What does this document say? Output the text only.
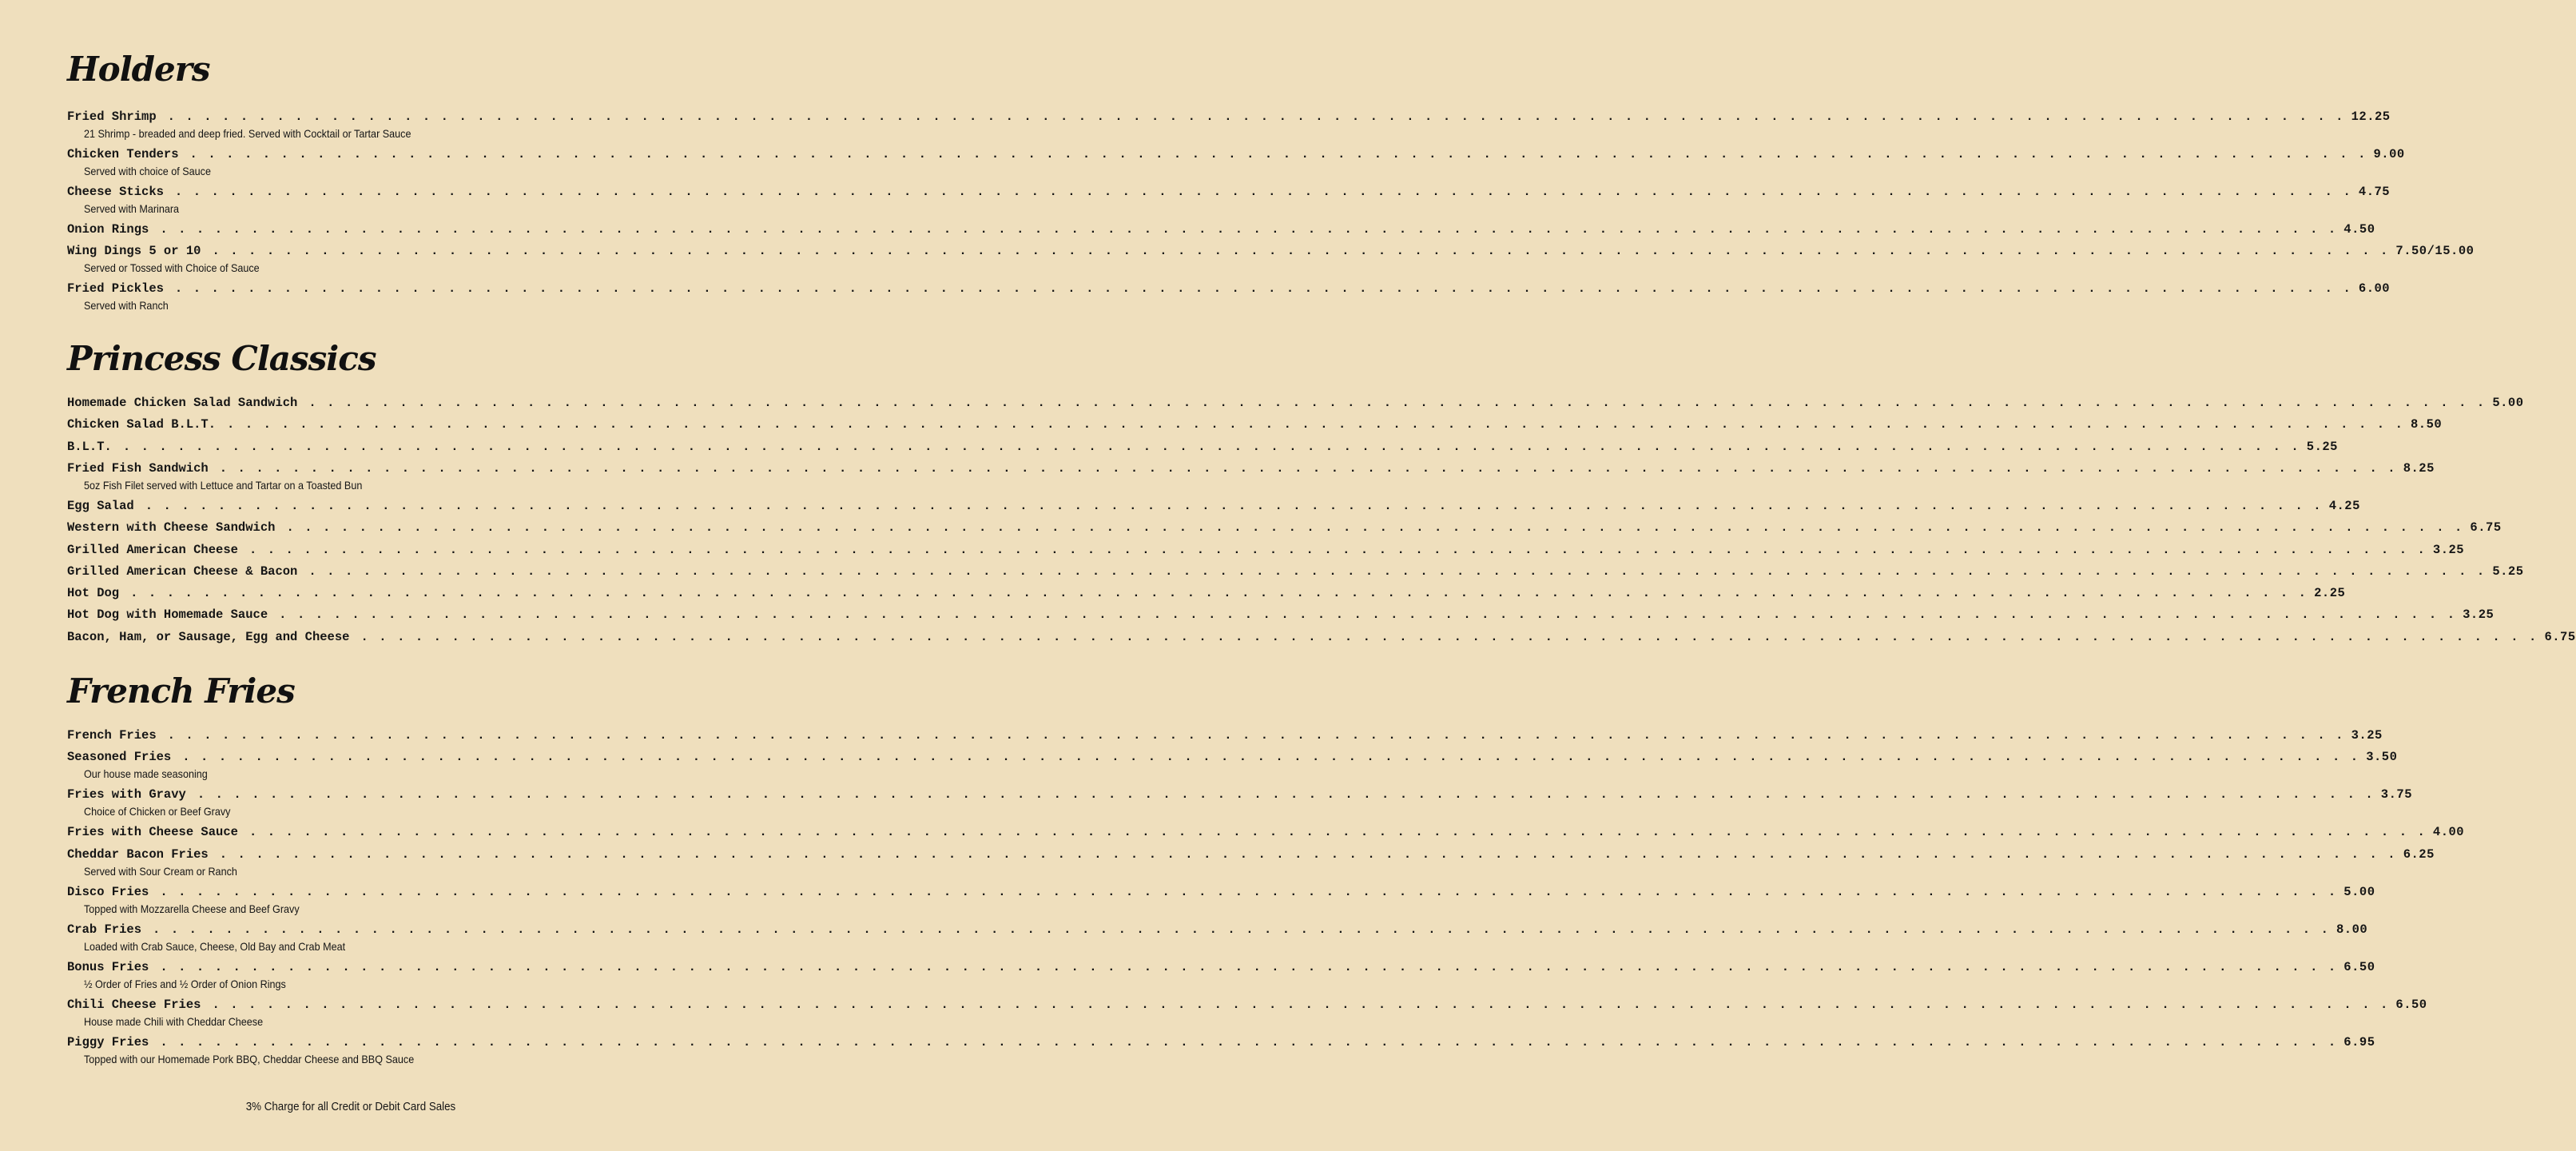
3% Charge for all Credit or Debit Card Sales
Holders
Fried Shrimp . . . . . . . . . . . . . . . . . . . . . . . . . . . . . . . . . . . . . . . . . . . . . . . . . . . . . . . . . . . . . . . . . . . . . . . . . . . . . . . . . . . . . . . . . . . . . . . . . . . . . . . . . . . . . . . . . . . . . . . . 12.25
21 Shrimp - breaded and deep fried. Served with Cocktail or Tartar Sauce
Chicken Tenders . . . . . . . . . . . . . . . . . . . . . . . . . . . . . . . . . . . . . . . . . . . . . . . . . . . . . . . . . . . . . . . . . . . . . . . . . . . . . . . . . . . . . . . . . . . . . . . . . . . . . . . . . . . . . . . . . . . . . . . . 9.00
Served with choice of Sauce
Cheese Sticks . . . . . . . . . . . . . . . . . . . . . . . . . . . . . . . . . . . . . . . . . . . . . . . . . . . . . . . . . . . . . . . . . . . . . . . . . . . . . . . . . . . . . . . . . . . . . . . . . . . . . . . . . . . . . . . . . . . . . . . . 4.75
Served with Marinara
Onion Rings . . . . . . . . . . . . . . . . . . . . . . . . . . . . . . . . . . . . . . . . . . . . . . . . . . . . . . . . . . . . . . . . . . . . . . . . . . . . . . . . . . . . . . . . . . . . . . . . . . . . . . . . . . . . . . . . . . . . . . . . 4.50
Wing Dings 5 or 10 . . . . . . . . . . . . . . . . . . . . . . . . . . . . . . . . . . . . . . . . . . . . . . . . . . . . . . . . . . . . . . . . . . . . . . . . . . . . . . . . . . . . . . . . . . . . . . . . . . . . . . . . . . . . . . . . . . . . . . . . 7.50/15.00
Served or Tossed with Choice of Sauce
Fried Pickles . . . . . . . . . . . . . . . . . . . . . . . . . . . . . . . . . . . . . . . . . . . . . . . . . . . . . . . . . . . . . . . . . . . . . . . . . . . . . . . . . . . . . . . . . . . . . . . . . . . . . . . . . . . . . . . . . . . . . . . . 6.00
Served with Ranch
Princess Classics
Homemade Chicken Salad Sandwich . . . . . . . . . . . . . . . . . . . . . . . . . . . . . . . . . . . . . . . . . . . . . . . . . . . . . . . . . . . . . . . . . . . . . . . . . . . . . . . . . . . . . . . . . . . . . . . . . . . . . . . . . . . . . . . . . . . . . . . . 5.00
Chicken Salad B.L.T. . . . . . . . . . . . . . . . . . . . . . . . . . . . . . . . . . . . . . . . . . . . . . . . . . . . . . . . . . . . . . . . . . . . . . . . . . . . . . . . . . . . . . . . . . . . . . . . . . . . . . . . . . . . . . . . . . . . . . . . . 8.50
B.L.T. . . . . . . . . . . . . . . . . . . . . . . . . . . . . . . . . . . . . . . . . . . . . . . . . . . . . . . . . . . . . . . . . . . . . . . . . . . . . . . . . . . . . . . . . . . . . . . . . . . . . . . . . . . . . . . . . . . . . . . . . 5.25
Fried Fish Sandwich . . . . . . . . . . . . . . . . . . . . . . . . . . . . . . . . . . . . . . . . . . . . . . . . . . . . . . . . . . . . . . . . . . . . . . . . . . . . . . . . . . . . . . . . . . . . . . . . . . . . . . . . . . . . . . . . . . . . . . . . 8.25
5oz Fish Filet served with Lettuce and Tartar on a Toasted Bun
Egg Salad . . . . . . . . . . . . . . . . . . . . . . . . . . . . . . . . . . . . . . . . . . . . . . . . . . . . . . . . . . . . . . . . . . . . . . . . . . . . . . . . . . . . . . . . . . . . . . . . . . . . . . . . . . . . . . . . . . . . . . . . 4.25
Western with Cheese Sandwich . . . . . . . . . . . . . . . . . . . . . . . . . . . . . . . . . . . . . . . . . . . . . . . . . . . . . . . . . . . . . . . . . . . . . . . . . . . . . . . . . . . . . . . . . . . . . . . . . . . . . . . . . . . . . . . . . . . . . . . . 6.75
Grilled American Cheese . . . . . . . . . . . . . . . . . . . . . . . . . . . . . . . . . . . . . . . . . . . . . . . . . . . . . . . . . . . . . . . . . . . . . . . . . . . . . . . . . . . . . . . . . . . . . . . . . . . . . . . . . . . . . . . . . . . . . . . . 3.25
Grilled American Cheese & Bacon . . . . . . . . . . . . . . . . . . . . . . . . . . . . . . . . . . . . . . . . . . . . . . . . . . . . . . . . . . . . . . . . . . . . . . . . . . . . . . . . . . . . . . . . . . . . . . . . . . . . . . . . . . . . . . . . . . . . . . . . 5.25
Hot Dog . . . . . . . . . . . . . . . . . . . . . . . . . . . . . . . . . . . . . . . . . . . . . . . . . . . . . . . . . . . . . . . . . . . . . . . . . . . . . . . . . . . . . . . . . . . . . . . . . . . . . . . . . . . . . . . . . . . . . . . . 2.25
Hot Dog with Homemade Sauce . . . . . . . . . . . . . . . . . . . . . . . . . . . . . . . . . . . . . . . . . . . . . . . . . . . . . . . . . . . . . . . . . . . . . . . . . . . . . . . . . . . . . . . . . . . . . . . . . . . . . . . . . . . . . . . . . . . . . . . . 3.25
Bacon, Ham, or Sausage, Egg and Cheese . . . . . . . . . . . . . . . . . . . . . . . . . . . . . . . . . . . . . . . . . . . . . . . . . . . . . . . . . . . . . . . . . . . . . . . . . . . . . . . . . . . . . . . . . . . . . . . . . . . . . . . . . . . . . . . . . . . . . . . . 6.75
French Fries
French Fries . . . . . . . . . . . . . . . . . . . . . . . . . . . . . . . . . . . . . . . . . . . . . . . . . . . . . . . . . . . . . . . . . . . . . . . . . . . . . . . . . . . . . . . . . . . . . . . . . . . . . . . . . . . . . . . . . . . . . . . . 3.25
Seasoned Fries . . . . . . . . . . . . . . . . . . . . . . . . . . . . . . . . . . . . . . . . . . . . . . . . . . . . . . . . . . . . . . . . . . . . . . . . . . . . . . . . . . . . . . . . . . . . . . . . . . . . . . . . . . . . . . . . . . . . . . . . 3.50
Our house made seasoning
Fries with Gravy . . . . . . . . . . . . . . . . . . . . . . . . . . . . . . . . . . . . . . . . . . . . . . . . . . . . . . . . . . . . . . . . . . . . . . . . . . . . . . . . . . . . . . . . . . . . . . . . . . . . . . . . . . . . . . . . . . . . . . . . 3.75
Choice of Chicken or Beef Gravy
Fries with Cheese Sauce . . . . . . . . . . . . . . . . . . . . . . . . . . . . . . . . . . . . . . . . . . . . . . . . . . . . . . . . . . . . . . . . . . . . . . . . . . . . . . . . . . . . . . . . . . . . . . . . . . . . . . . . . . . . . . . . . . . . . . . . 4.00
Cheddar Bacon Fries . . . . . . . . . . . . . . . . . . . . . . . . . . . . . . . . . . . . . . . . . . . . . . . . . . . . . . . . . . . . . . . . . . . . . . . . . . . . . . . . . . . . . . . . . . . . . . . . . . . . . . . . . . . . . . . . . . . . . . . . 6.25
Served with Sour Cream or Ranch
Disco Fries . . . . . . . . . . . . . . . . . . . . . . . . . . . . . . . . . . . . . . . . . . . . . . . . . . . . . . . . . . . . . . . . . . . . . . . . . . . . . . . . . . . . . . . . . . . . . . . . . . . . . . . . . . . . . . . . . . . . . . . . 5.00
Topped with Mozzarella Cheese and Beef Gravy
Crab Fries . . . . . . . . . . . . . . . . . . . . . . . . . . . . . . . . . . . . . . . . . . . . . . . . . . . . . . . . . . . . . . . . . . . . . . . . . . . . . . . . . . . . . . . . . . . . . . . . . . . . . . . . . . . . . . . . . . . . . . . . 8.00
Loaded with Crab Sauce, Cheese, Old Bay and Crab Meat
Bonus Fries . . . . . . . . . . . . . . . . . . . . . . . . . . . . . . . . . . . . . . . . . . . . . . . . . . . . . . . . . . . . . . . . . . . . . . . . . . . . . . . . . . . . . . . . . . . . . . . . . . . . . . . . . . . . . . . . . . . . . . . . 6.50
½ Order of Fries and ½ Order of Onion Rings
Chili Cheese Fries . . . . . . . . . . . . . . . . . . . . . . . . . . . . . . . . . . . . . . . . . . . . . . . . . . . . . . . . . . . . . . . . . . . . . . . . . . . . . . . . . . . . . . . . . . . . . . . . . . . . . . . . . . . . . . . . . . . . . . . . 6.50
House made Chili with Cheddar Cheese
Piggy Fries . . . . . . . . . . . . . . . . . . . . . . . . . . . . . . . . . . . . . . . . . . . . . . . . . . . . . . . . . . . . . . . . . . . . . . . . . . . . . . . . . . . . . . . . . . . . . . . . . . . . . . . . . . . . . . . . . . . . . . . . 6.95
Topped with our Homemade Pork BBQ, Cheddar Cheese and BBQ Sauce
